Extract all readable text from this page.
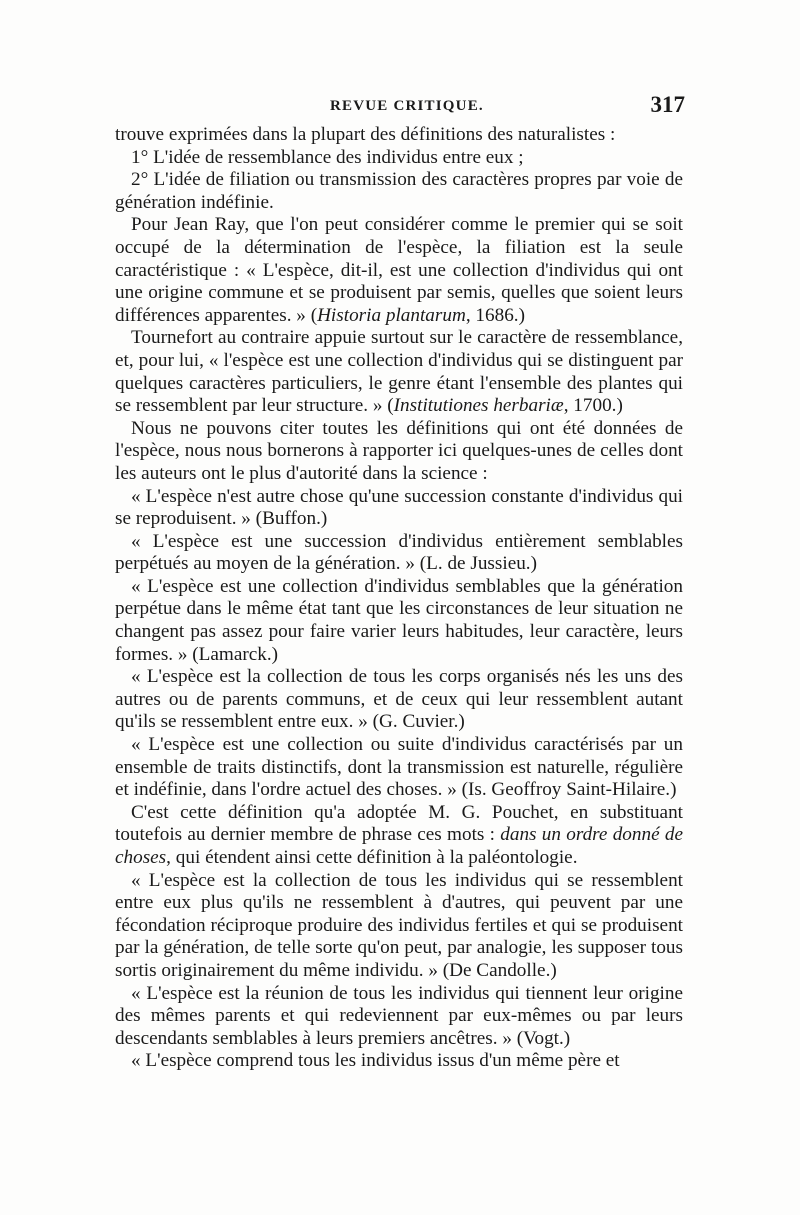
REVUE CRITIQUE.	317

trouve exprimées dans la plupart des définitions des naturalistes :

1° L'idée de ressemblance des individus entre eux ;

2° L'idée de filiation ou transmission des caractères propres par voie de génération indéfinie.

Pour Jean Ray, que l'on peut considérer comme le premier qui se soit occupé de la détermination de l'espèce, la filiation est la seule caractéristique : « L'espèce, dit-il, est une collection d'individus qui ont une origine commune et se produisent par semis, quelles que soient leurs différences apparentes. » (Historia plantarum, 1686.)

Tournefort au contraire appuie surtout sur le caractère de ressemblance, et, pour lui, « l'espèce est une collection d'individus qui se distinguent par quelques caractères particuliers, le genre étant l'ensemble des plantes qui se ressemblent par leur structure. » (Institutiones herbariæ, 1700.)

Nous ne pouvons citer toutes les définitions qui ont été données de l'espèce, nous nous bornerons à rapporter ici quelques-unes de celles dont les auteurs ont le plus d'autorité dans la science :

« L'espèce n'est autre chose qu'une succession constante d'individus qui se reproduisent. » (Buffon.)

« L'espèce est une succession d'individus entièrement semblables perpétués au moyen de la génération. » (L. de Jussieu.)

« L'espèce est une collection d'individus semblables que la génération perpétue dans le même état tant que les circonstances de leur situation ne changent pas assez pour faire varier leurs habitudes, leur caractère, leurs formes. » (Lamarck.)

« L'espèce est la collection de tous les corps organisés nés les uns des autres ou de parents communs, et de ceux qui leur ressemblent autant qu'ils se ressemblent entre eux. » (G. Cuvier.)

« L'espèce est une collection ou suite d'individus caractérisés par un ensemble de traits distinctifs, dont la transmission est naturelle, régulière et indéfinie, dans l'ordre actuel des choses. » (Is. Geoffroy Saint-Hilaire.)

C'est cette définition qu'a adoptée M. G. Pouchet, en substituant toutefois au dernier membre de phrase ces mots : dans un ordre donné de choses, qui étendent ainsi cette définition à la paléontologie.

« L'espèce est la collection de tous les individus qui se ressemblent entre eux plus qu'ils ne ressemblent à d'autres, qui peuvent par une fécondation réciproque produire des individus fertiles et qui se produisent par la génération, de telle sorte qu'on peut, par analogie, les supposer tous sortis originairement du même individu. » (De Candolle.)

« L'espèce est la réunion de tous les individus qui tiennent leur origine des mêmes parents et qui redeviennent par eux-mêmes ou par leurs descendants semblables à leurs premiers ancêtres. » (Vogt.)

« L'espèce comprend tous les individus issus d'un même père et
